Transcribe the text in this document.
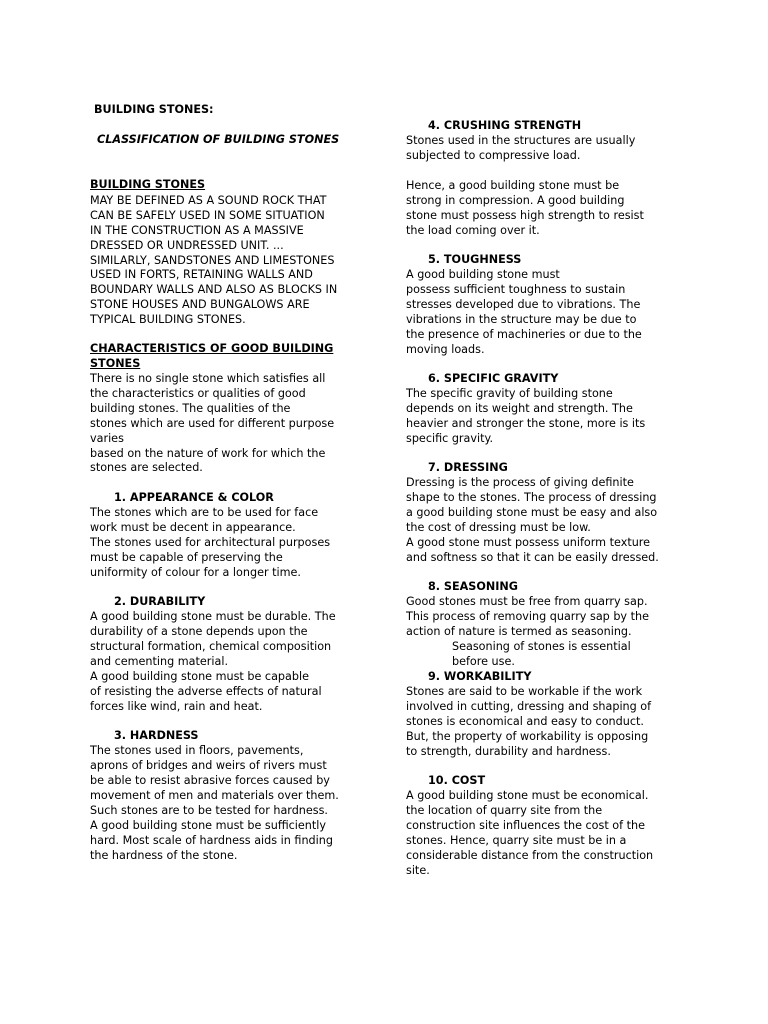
BUILDING STONES:
CLASSIFICATION OF BUILDING STONES
BUILDING STONES
MAY BE DEFINED AS A SOUND ROCK THAT
CAN BE SAFELY USED IN SOME SITUATION
IN THE CONSTRUCTION AS A MASSIVE
DRESSED OR UNDRESSED UNIT. ...
SIMILARLY, SANDSTONES AND LIMESTONES
USED IN FORTS, RETAINING WALLS AND
BOUNDARY WALLS AND ALSO AS BLOCKS IN
STONE HOUSES AND BUNGALOWS ARE
TYPICAL BUILDING STONES.
CHARACTERISTICS OF GOOD BUILDING
STONES
There is no single stone which satisfies all
the characteristics or qualities of good
building stones. The qualities of the
stones which are used for different purpose
varies
based on the nature of work for which the
stones are selected.
1. APPEARANCE & COLOR
The stones which are to be used for face
work must be decent in appearance.
The stones used for architectural purposes
must be capable of preserving the
uniformity of colour for a longer time.
2. DURABILITY
A good building stone must be durable. The
durability of a stone depends upon the
structural formation, chemical composition
and cementing material.
A good building stone must be capable
of resisting the adverse effects of natural
forces like wind, rain and heat.
3. HARDNESS
The stones used in floors, pavements,
aprons of bridges and weirs of rivers must
be able to resist abrasive forces caused by
movement of men and materials over them.
Such stones are to be tested for hardness.
A good building stone must be sufficiently
hard. Most scale of hardness aids in finding
the hardness of the stone.
4. CRUSHING STRENGTH
Stones used in the structures are usually
subjected to compressive load.
Hence, a good building stone must be
strong in compression. A good building
stone must possess high strength to resist
the load coming over it.
5. TOUGHNESS
A good building stone must
possess sufficient toughness to sustain
stresses developed due to vibrations. The
vibrations in the structure may be due to
the presence of machineries or due to the
moving loads.
6. SPECIFIC GRAVITY
The specific gravity of building stone
depends on its weight and strength. The
heavier and stronger the stone, more is its
specific gravity.
7. DRESSING
Dressing is the process of giving definite
shape to the stones. The process of dressing
a good building stone must be easy and also
the cost of dressing must be low.
A good stone must possess uniform texture
and softness so that it can be easily dressed.
8. SEASONING
Good stones must be free from quarry sap.
This process of removing quarry sap by the
action of nature is termed as seasoning.
Seasoning of stones is essential
before use.
9. WORKABILITY
Stones are said to be workable if the work
involved in cutting, dressing and shaping of
stones is economical and easy to conduct.
But, the property of workability is opposing
to strength, durability and hardness.
10. COST
A good building stone must be economical.
the location of quarry site from the
construction site influences the cost of the
stones. Hence, quarry site must be in a
considerable distance from the construction
site.
